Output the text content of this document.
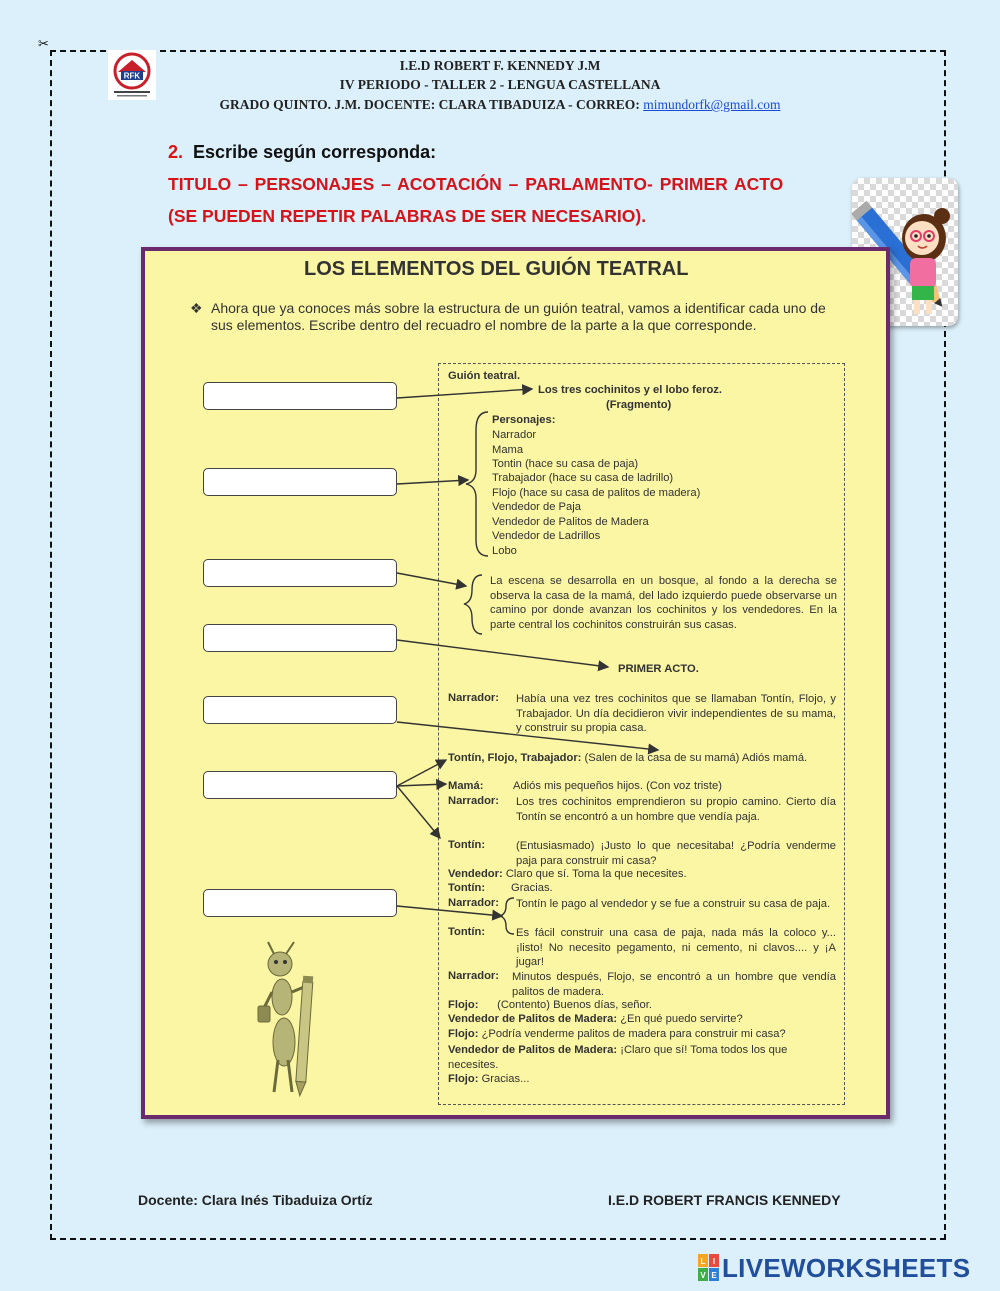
✂
RFK
I.E.D ROBERT F. KENNEDY J.M
IV PERIODO - TALLER 2 - LENGUA CASTELLANA
GRADO QUINTO. J.M. DOCENTE: CLARA TIBADUIZA - CORREO: mimundorfk@gmail.com
2. Escribe según corresponda:
TITULO – PERSONAJES – ACOTACIÓN – PARLAMENTO- PRIMER ACTO
(SE PUEDEN REPETIR PALABRAS DE SER NECESARIO).
LOS ELEMENTOS DEL GUIÓN TEATRAL
❖ Ahora que ya conoces más sobre la estructura de un guión teatral, vamos a identificar cada uno de sus elementos. Escribe dentro del recuadro el nombre de la parte a la que corresponde.
Guión teatral.
Los tres cochinitos y el lobo feroz.
(Fragmento)
Personajes:
Narrador
Mama
Tontin (hace su casa de paja)
Trabajador (hace su casa de ladrillo)
Flojo (hace su casa de palitos de madera)
Vendedor de Paja
Vendedor de Palitos de Madera
Vendedor de Ladrillos
Lobo
La escena se desarrolla en un bosque, al fondo a la derecha se observa la casa de la mamá, del lado izquierdo puede observarse un camino por donde avanzan los cochinitos y los vendedores. En la parte central los cochinitos construirán sus casas.
PRIMER ACTO.
Narrador: Había una vez tres cochinitos que se llamaban Tontín, Flojo, y Trabajador. Un día decidieron vivir independientes de su mama, y construir su propia casa.
Tontín, Flojo, Trabajador: (Salen de la casa de su mamá) Adiós mamá.
Mamá:	Adiós mis pequeños hijos. (Con voz triste)
Narrador: Los tres cochinitos emprendieron su propio camino. Cierto día Tontín se encontró a un hombre que vendía paja.
Tontín:	(Entusiasmado) ¡Justo lo que necesitaba! ¿Podría venderme paja para construir mi casa?
Vendedor: Claro que sí. Toma la que necesites.
Tontín: Gracias.
Narrador: Tontín le pago al vendedor y se fue a construir su casa de paja.
Tontín:	Es fácil construir una casa de paja, nada más la coloco y... ¡listo! No necesito pegamento, ni cemento, ni clavos.... y ¡A jugar!
Narrador: Minutos después, Flojo, se encontró a un hombre que vendía palitos de madera.
Flojo: (Contento) Buenos días, señor.
Vendedor de Palitos de Madera: ¿En qué puedo servirte?
Flojo: ¿Podría venderme palitos de madera para construir mi casa?
Vendedor de Palitos de Madera: ¡Claro que sí! Toma todos los que necesites.
Flojo: Gracias...
Docente: Clara Inés Tibaduiza Ortíz	I.E.D ROBERT FRANCIS KENNEDY
L I
V E LIVEWORKSHEETS
